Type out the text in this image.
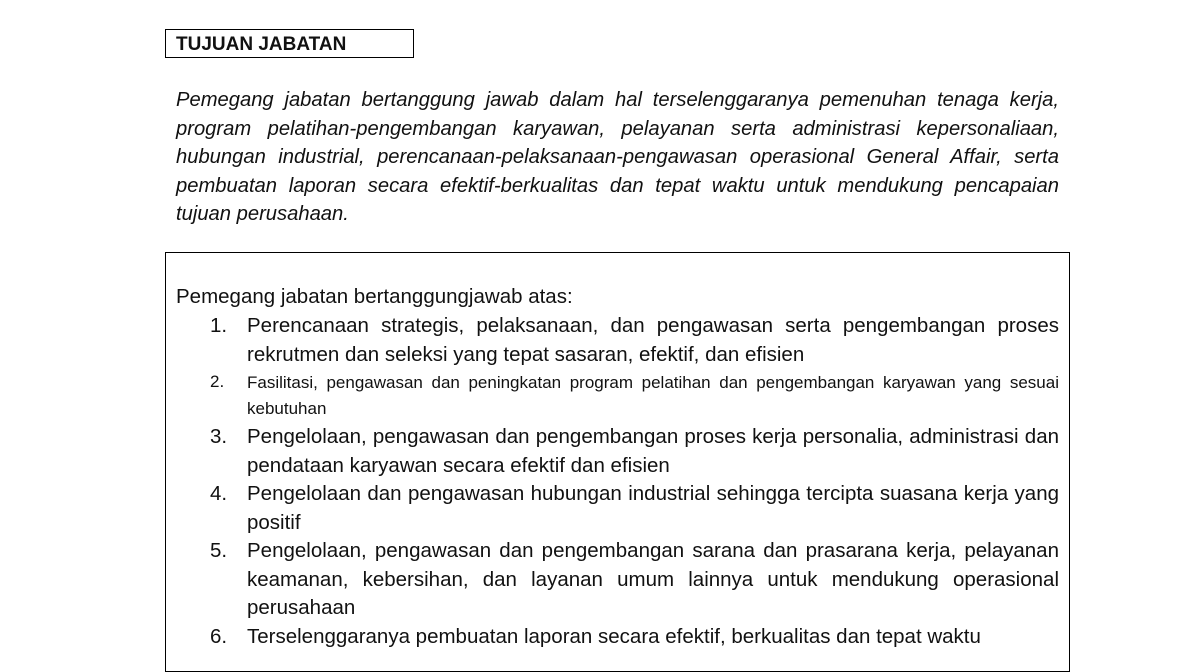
TUJUAN JABATAN

Pemegang jabatan bertanggung jawab dalam hal terselenggaranya pemenuhan tenaga kerja, program pelatihan-pengembangan karyawan, pelayanan serta administrasi kepersonaliaan, hubungan industrial, perencanaan-pelaksanaan-pengawasan operasional General Affair, serta pembuatan laporan secara efektif-berkualitas dan tepat waktu untuk mendukung pencapaian tujuan perusahaan.

Pemegang jabatan bertanggungjawab atas:

1. Perencanaan strategis, pelaksanaan, dan pengawasan serta pengembangan proses rekrutmen dan seleksi yang tepat sasaran, efektif, dan efisien
2. Fasilitasi, pengawasan dan peningkatan program pelatihan dan pengembangan karyawan yang sesuai kebutuhan
3. Pengelolaan, pengawasan dan pengembangan proses kerja personalia, administrasi dan pendataan karyawan secara efektif dan efisien
4. Pengelolaan dan pengawasan hubungan industrial sehingga tercipta suasana kerja yang positif
5. Pengelolaan, pengawasan dan pengembangan sarana dan prasarana kerja, pelayanan keamanan, kebersihan, dan layanan umum lainnya untuk mendukung operasional perusahaan
6. Terselenggaranya pembuatan laporan secara efektif, berkualitas dan tepat waktu
